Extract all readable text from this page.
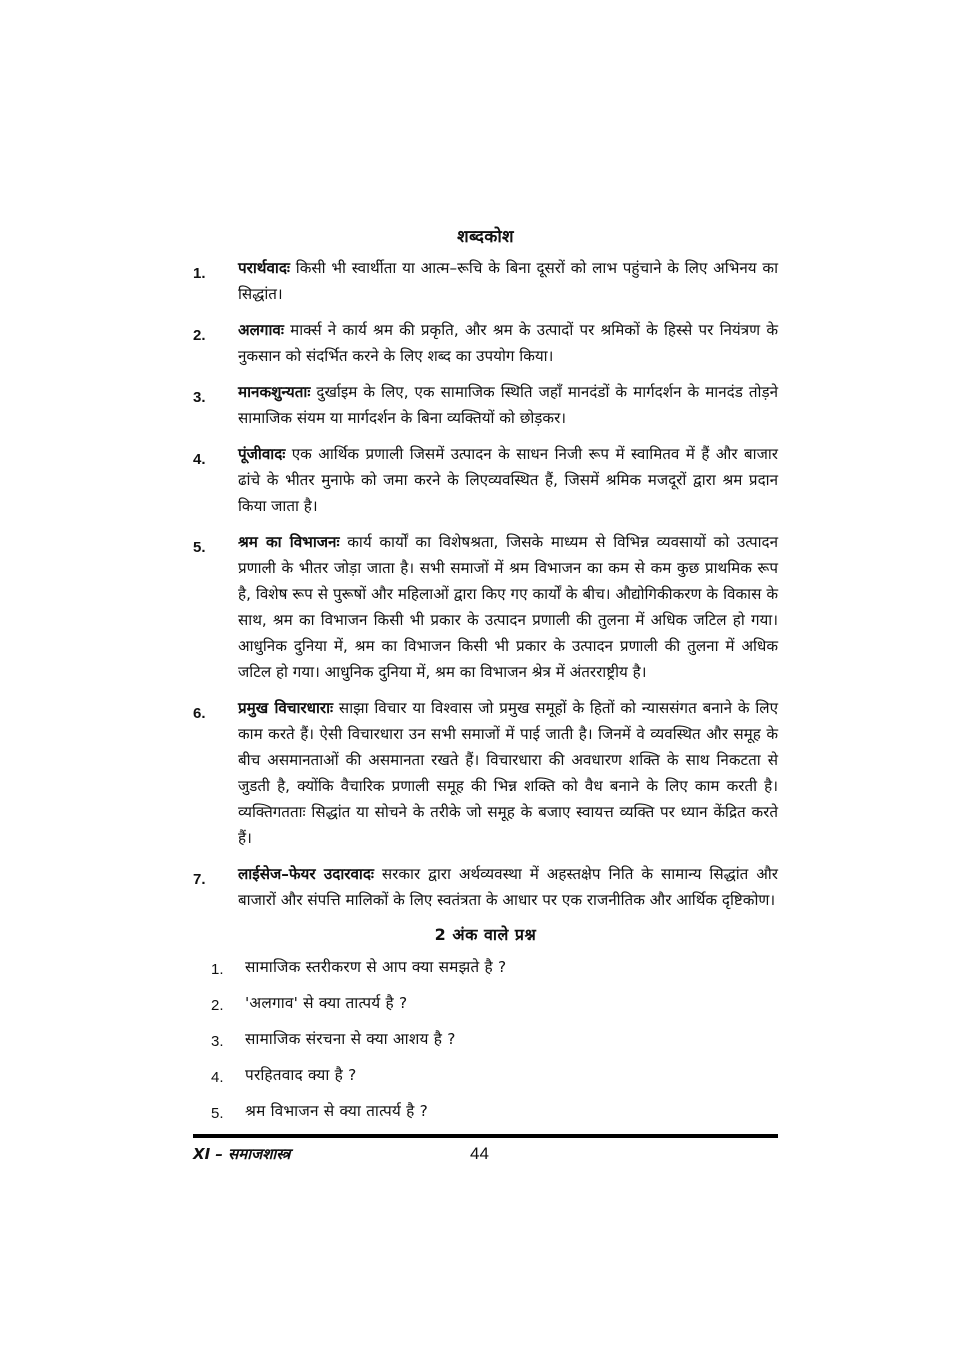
शब्दकोश
1.	परार्थवादः किसी भी स्वार्थीता या आत्म–रूचि के बिना दूसरों को लाभ पहुंचाने के लिए अभिनय का सिद्धांत।
2.	अलगावः मार्क्स ने कार्य श्रम की प्रकृति, और श्रम के उत्पादों पर श्रमिकों के हिस्से पर नियंत्रण के नुकसान को संदर्भित करने के लिए शब्द का उपयोग किया।
3.	मानकशुन्यताः दुर्खाइम के लिए, एक सामाजिक स्थिति जहाँ मानदंडों के मार्गदर्शन के मानदंड तोड़ने सामाजिक संयम या मार्गदर्शन के बिना व्यक्तियों को छोड़कर।
4.	पूंजीवादः एक आर्थिक प्रणाली जिसमें उत्पादन के साधन निजी रूप में स्वामितव में हैं और बाजार ढांचे के भीतर मुनाफे को जमा करने के लिएव्यवस्थित हैं, जिसमें श्रमिक मजदूरों द्वारा श्रम प्रदान किया जाता है।
5.	श्रम का विभाजनः कार्य कार्यों का विशेषश्रता, जिसके माध्यम से विभिन्न व्यवसायों को उत्पादन प्रणाली के भीतर जोड़ा जाता है। सभी समाजों में श्रम विभाजन का कम से कम कुछ प्राथमिक रूप है, विशेष रूप से पुरूषों और महिलाओं द्वारा किए गए कार्यों के बीच। औद्योगिकीकरण के विकास के साथ, श्रम का विभाजन किसी भी प्रकार के उत्पादन प्रणाली की तुलना में अधिक जटिल हो गया। आधुनिक दुनिया में, श्रम का विभाजन किसी भी प्रकार के उत्पादन प्रणाली की तुलना में अधिक जटिल हो गया। आधुनिक दुनिया में, श्रम का विभाजन श्रेत्र में अंतरराष्ट्रीय है।
6.	प्रमुख विचारधाराः साझा विचार या विश्वास जो प्रमुख समूहों के हितों को न्याससंगत बनाने के लिए काम करते हैं। ऐसी विचारधारा उन सभी समाजों में पाई जाती है। जिनमें वे व्यवस्थित और समूह के बीच असमानताओं की असमानता रखते हैं। विचारधारा की अवधारण शक्ति के साथ निकटता से जुडती है, क्योंकि वैचारिक प्रणाली समूह की भिन्न शक्ति को वैध बनाने के लिए काम करती है। व्यक्तिगतताः सिद्धांत या सोचने के तरीके जो समूह के बजाए स्वायत्त व्यक्ति पर ध्यान केंद्रित करते हैं।
7.	लाईसेज–फेयर उदारवादः सरकार द्वारा अर्थव्यवस्था में अहस्तक्षेप निति के सामान्य सिद्धांत और बाजारों और संपत्ति मालिकों के लिए स्वतंत्रता के आधार पर एक राजनीतिक और आर्थिक दृष्टिकोण।
2 अंक वाले प्रश्न
1.	सामाजिक स्तरीकरण से आप क्या समझते है ?
2.	'अलगाव' से क्या तात्पर्य है ?
3.	सामाजिक संरचना से क्या आशय है ?
4.	परहितवाद क्या है ?
5.	श्रम विभाजन से क्या तात्पर्य है ?
XI – समाजशास्त्र	44
